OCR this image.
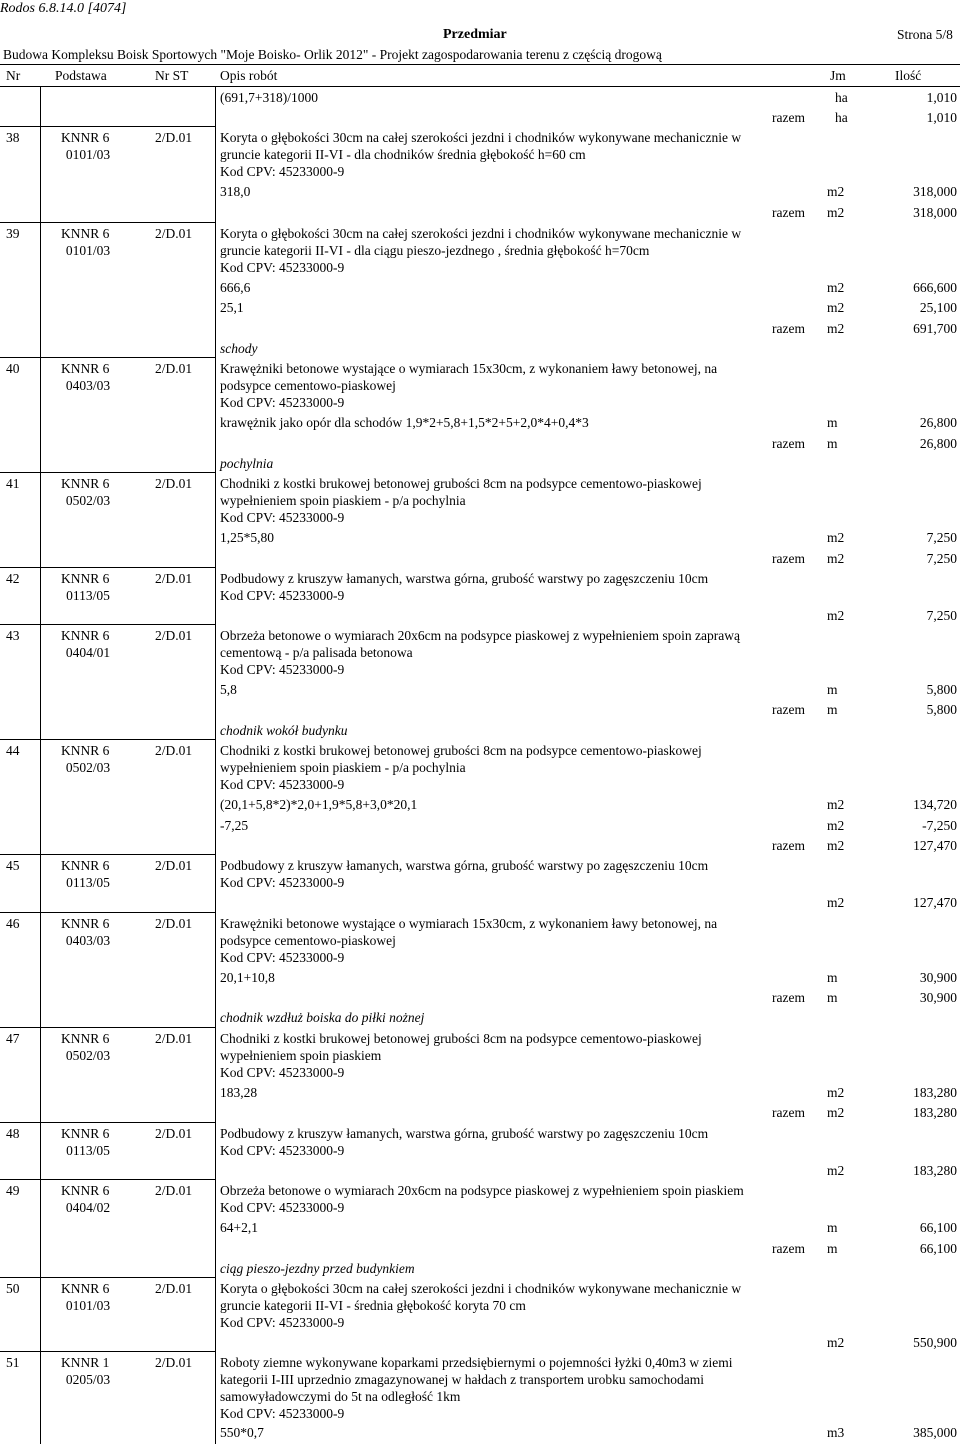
Rodos 6.8.14.0 [4074]
Przedmiar	Strona 5/8
Budowa Kompleksu Boisk Sportowych "Moje Boisko- Orlik 2012" - Projekt zagospodarowania terenu z częścią drogową
Nr	Podstawa	Nr ST Opis robót	Jm	Ilość
(691,7+318)/1000	ha	1,010
razem ha	1,010
38	KNNR 6
0101/03
2/D.01 Koryta o głębokości 30cm na całej szerokości jezdni i chodników wykonywane mechanicznie w
gruncie kategorii II-VI - dla chodników średnia głębokość h=60 cm
Kod CPV: 45233000-9
318,0	m2	318,000
razem m2	318,000
39	KNNR 6
0101/03
2/D.01 Koryta o głębokości 30cm na całej szerokości jezdni i chodników wykonywane mechanicznie w
gruncie kategorii II-VI - dla ciągu pieszo-jezdnego , średnia głębokość h=70cm
Kod CPV: 45233000-9
666,6	m2	666,600
25,1	m2	25,100
razem m2	691,700
schody
40	KNNR 6
0403/03
2/D.01 Krawężniki betonowe wystające o wymiarach 15x30cm, z wykonaniem ławy betonowej, na
podsypce cementowo-piaskowej
Kod CPV: 45233000-9
krawężnik jako opór dla schodów 1,9*2+5,8+1,5*2+5+2,0*4+0,4*3	m	26,800
razem m	26,800
pochylnia
41	KNNR 6
0502/03
2/D.01 Chodniki z kostki brukowej betonowej grubości 8cm na podsypce cementowo-piaskowej
wypełnieniem spoin piaskiem - p/a pochylnia
Kod CPV: 45233000-9
1,25*5,80	m2	7,250
razem m2	7,250
42	KNNR 6
0113/05
2/D.01 Podbudowy z kruszyw łamanych, warstwa górna, grubość warstwy po zagęszczeniu 10cm
Kod CPV: 45233000-9
m2	7,250
43	KNNR 6
0404/01
2/D.01 Obrzeża betonowe o wymiarach 20x6cm na podsypce piaskowej z wypełnieniem spoin zaprawą
cementową - p/a palisada betonowa
Kod CPV: 45233000-9
5,8	m	5,800
razem m	5,800
chodnik wokół budynku
44	KNNR 6
0502/03
2/D.01 Chodniki z kostki brukowej betonowej grubości 8cm na podsypce cementowo-piaskowej
wypełnieniem spoin piaskiem - p/a pochylnia
Kod CPV: 45233000-9
(20,1+5,8*2)*2,0+1,9*5,8+3,0*20,1	m2	134,720
-7,25	m2	-7,250
razem m2	127,470
45	KNNR 6
0113/05
2/D.01 Podbudowy z kruszyw łamanych, warstwa górna, grubość warstwy po zagęszczeniu 10cm
Kod CPV: 45233000-9
m2	127,470
46	KNNR 6
0403/03
2/D.01 Krawężniki betonowe wystające o wymiarach 15x30cm, z wykonaniem ławy betonowej, na
podsypce cementowo-piaskowej
Kod CPV: 45233000-9
20,1+10,8	m	30,900
razem m	30,900
chodnik wzdłuż boiska do piłki nożnej
47	KNNR 6
0502/03
2/D.01 Chodniki z kostki brukowej betonowej grubości 8cm na podsypce cementowo-piaskowej
wypełnieniem spoin piaskiem
Kod CPV: 45233000-9
183,28	m2	183,280
razem m2	183,280
48	KNNR 6
0113/05
2/D.01 Podbudowy z kruszyw łamanych, warstwa górna, grubość warstwy po zagęszczeniu 10cm
Kod CPV: 45233000-9
m2	183,280
49	KNNR 6
0404/02
2/D.01 Obrzeża betonowe o wymiarach 20x6cm na podsypce piaskowej z wypełnieniem spoin piaskiem
Kod CPV: 45233000-9
64+2,1	m	66,100
razem m	66,100
ciąg pieszo-jezdny przed budynkiem
50	KNNR 6
0101/03
2/D.01 Koryta o głębokości 30cm na całej szerokości jezdni i chodników wykonywane mechanicznie w
gruncie kategorii II-VI - średnia głębokość koryta 70 cm
Kod CPV: 45233000-9
m2	550,900
51	KNNR 1
0205/03
2/D.01 Roboty ziemne wykonywane koparkami przedsiębiernymi o pojemności łyżki 0,40m3 w ziemi
kategorii I-III uprzednio zmagazynowanej w hałdach z transportem urobku samochodami
samowyładowczymi do 5t na odległość 1km
Kod CPV: 45233000-9
550*0,7	m3	385,000
